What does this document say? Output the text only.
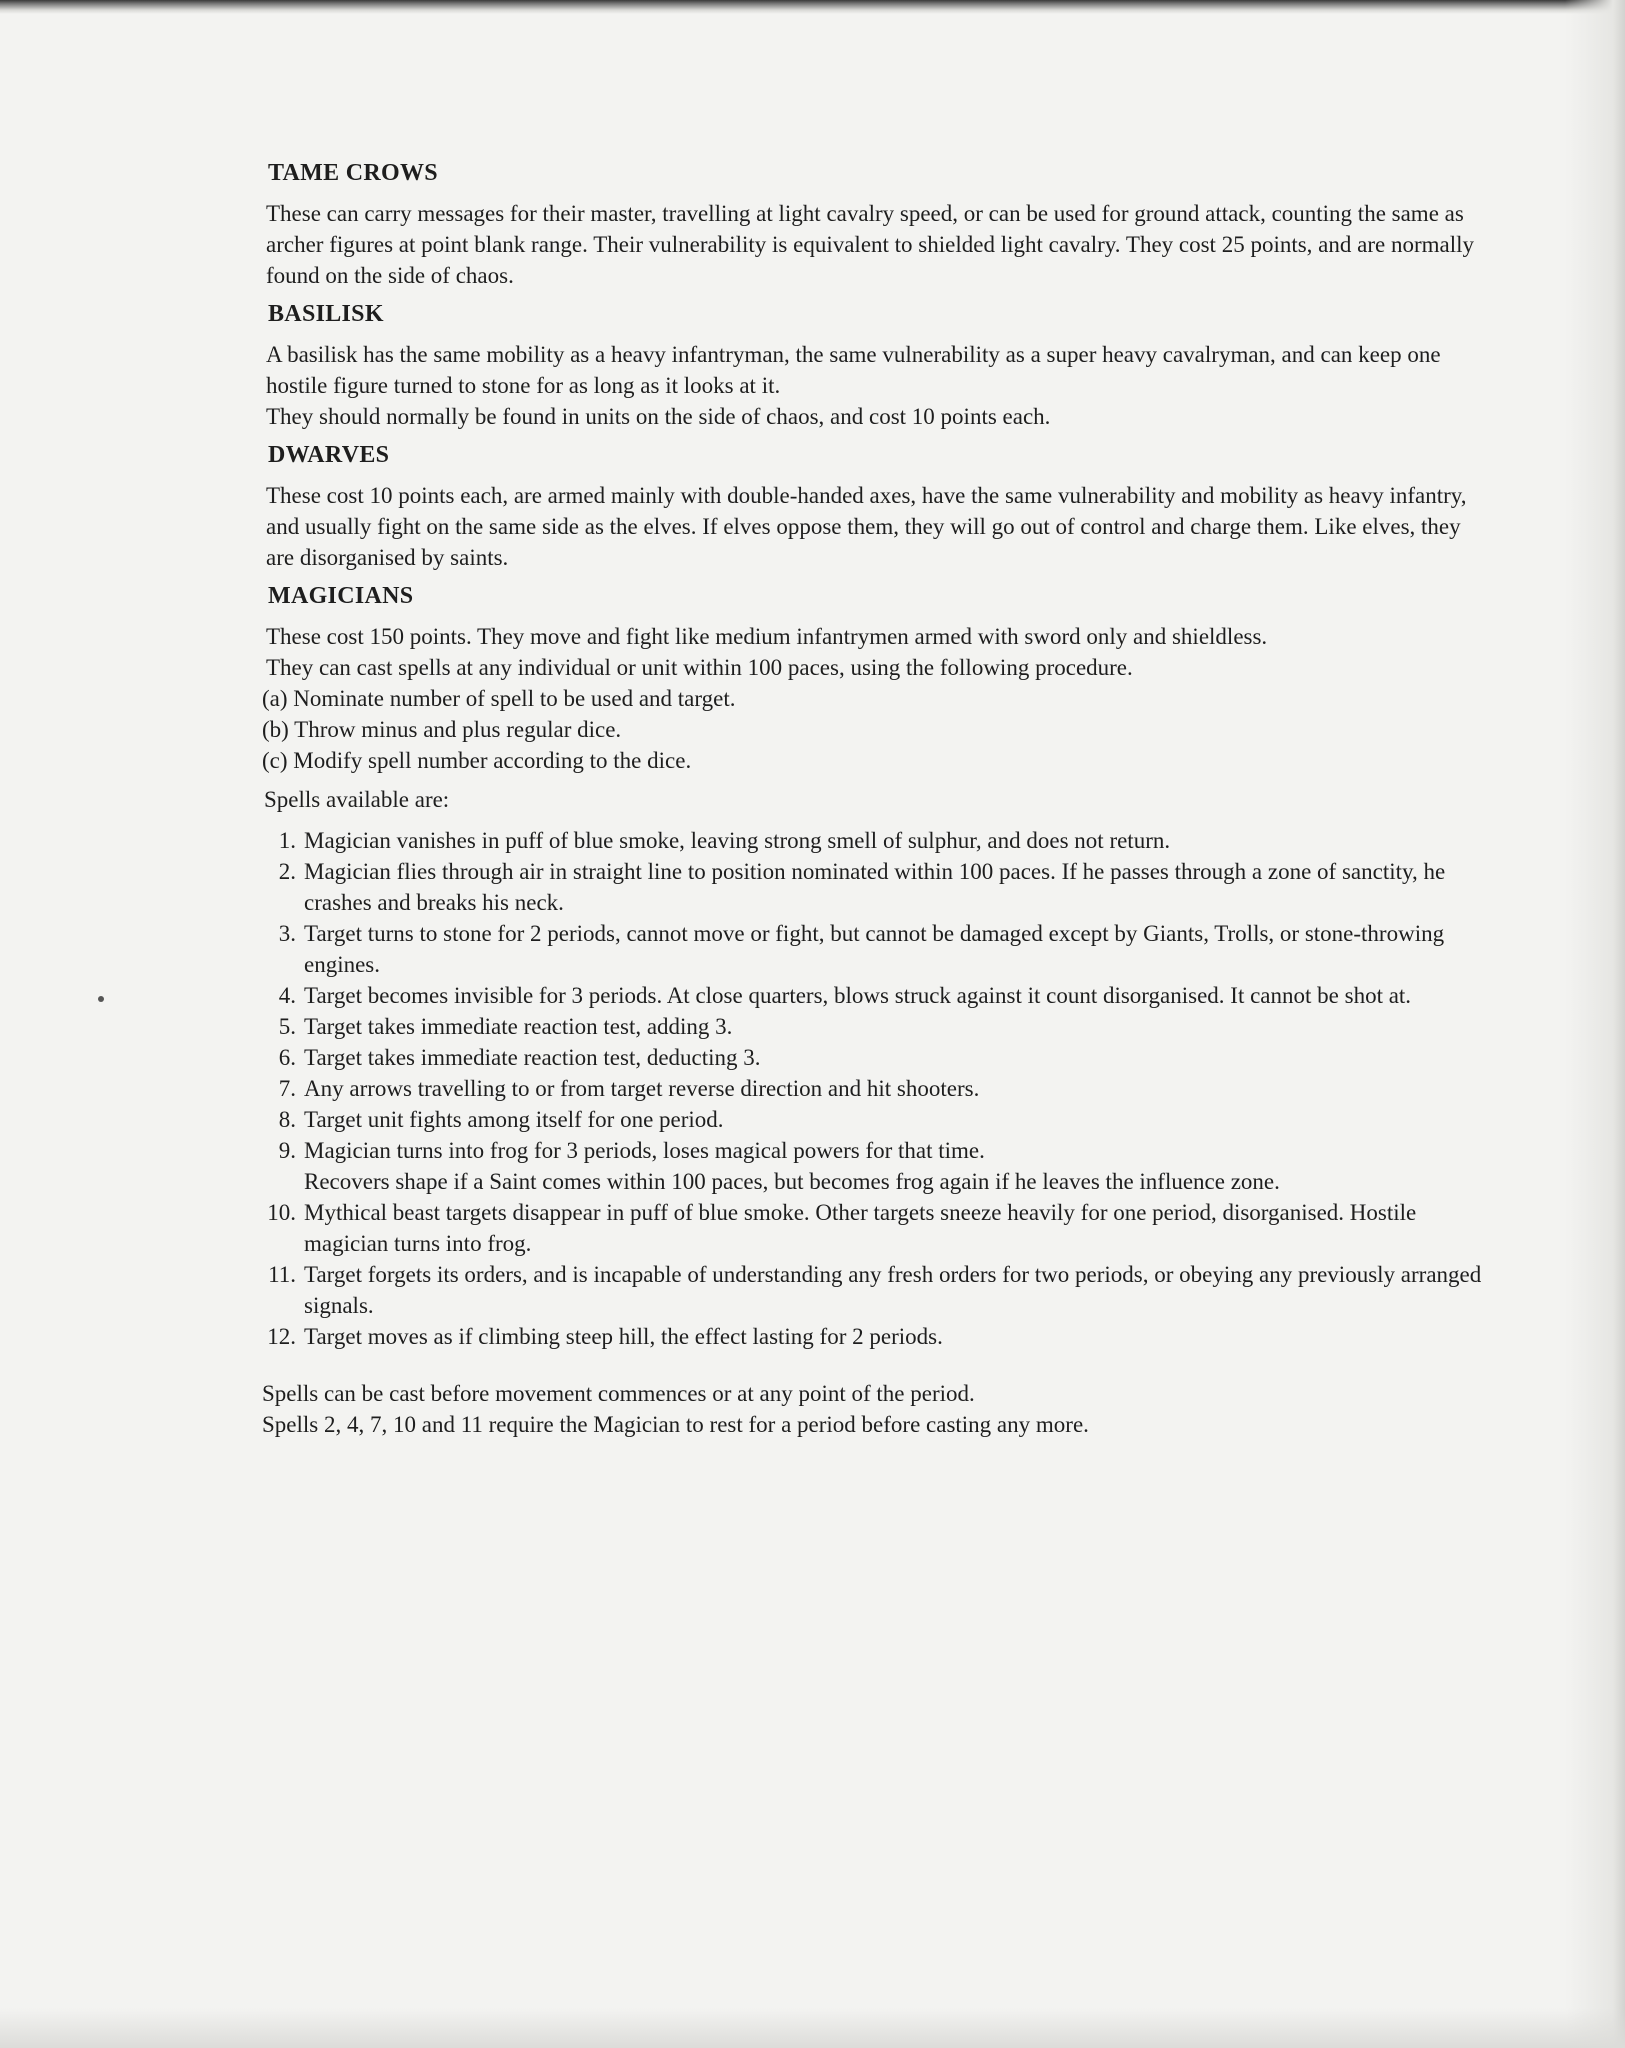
TAME CROWS

These can carry messages for their master, travelling at light cavalry speed, or can be used for ground attack, counting the same as archer figures at point blank range. Their vulnerability is equivalent to shielded light cavalry. They cost 25 points, and are normally found on the side of chaos.

BASILISK

A basilisk has the same mobility as a heavy infantryman, the same vulnerability as a super heavy cavalryman, and can keep one hostile figure turned to stone for as long as it looks at it.

They should normally be found in units on the side of chaos, and cost 10 points each.

DWARVES

These cost 10 points each, are armed mainly with double-handed axes, have the same vulnerability and mobility as heavy infantry, and usually fight on the same side as the elves. If elves oppose them, they will go out of control and charge them. Like elves, they are disorganised by saints.

MAGICIANS

These cost 150 points. They move and fight like medium infantrymen armed with sword only and shieldless.

They can cast spells at any individual or unit within 100 paces, using the following procedure.

(a) Nominate number of spell to be used and target.

(b) Throw minus and plus regular dice.

(c) Modify spell number according to the dice.

Spells available are:
1. Magician vanishes in puff of blue smoke, leaving strong smell of sulphur, and does not return.
2. Magician flies through air in straight line to position nominated within 100 paces. If he passes through a zone of sanctity, he crashes and breaks his neck.
3. Target turns to stone for 2 periods, cannot move or fight, but cannot be damaged except by Giants, Trolls, or stone-throwing engines.
4. Target becomes invisible for 3 periods. At close quarters, blows struck against it count disorganised. It cannot be shot at.
5. Target takes immediate reaction test, adding 3.
6. Target takes immediate reaction test, deducting 3.
7. Any arrows travelling to or from target reverse direction and hit shooters.
8. Target unit fights among itself for one period.
9. Magician turns into frog for 3 periods, loses magical powers for that time.
Recovers shape if a Saint comes within 100 paces, but becomes frog again if he leaves the influence zone.
10. Mythical beast targets disappear in puff of blue smoke. Other targets sneeze heavily for one period, disorganised. Hostile magician turns into frog.
11. Target forgets its orders, and is incapable of understanding any fresh orders for two periods, or obeying any previously arranged signals.
12. Target moves as if climbing steep hill, the effect lasting for 2 periods.

Spells can be cast before movement commences or at any point of the period.

Spells 2, 4, 7, 10 and 11 require the Magician to rest for a period before casting any more.
